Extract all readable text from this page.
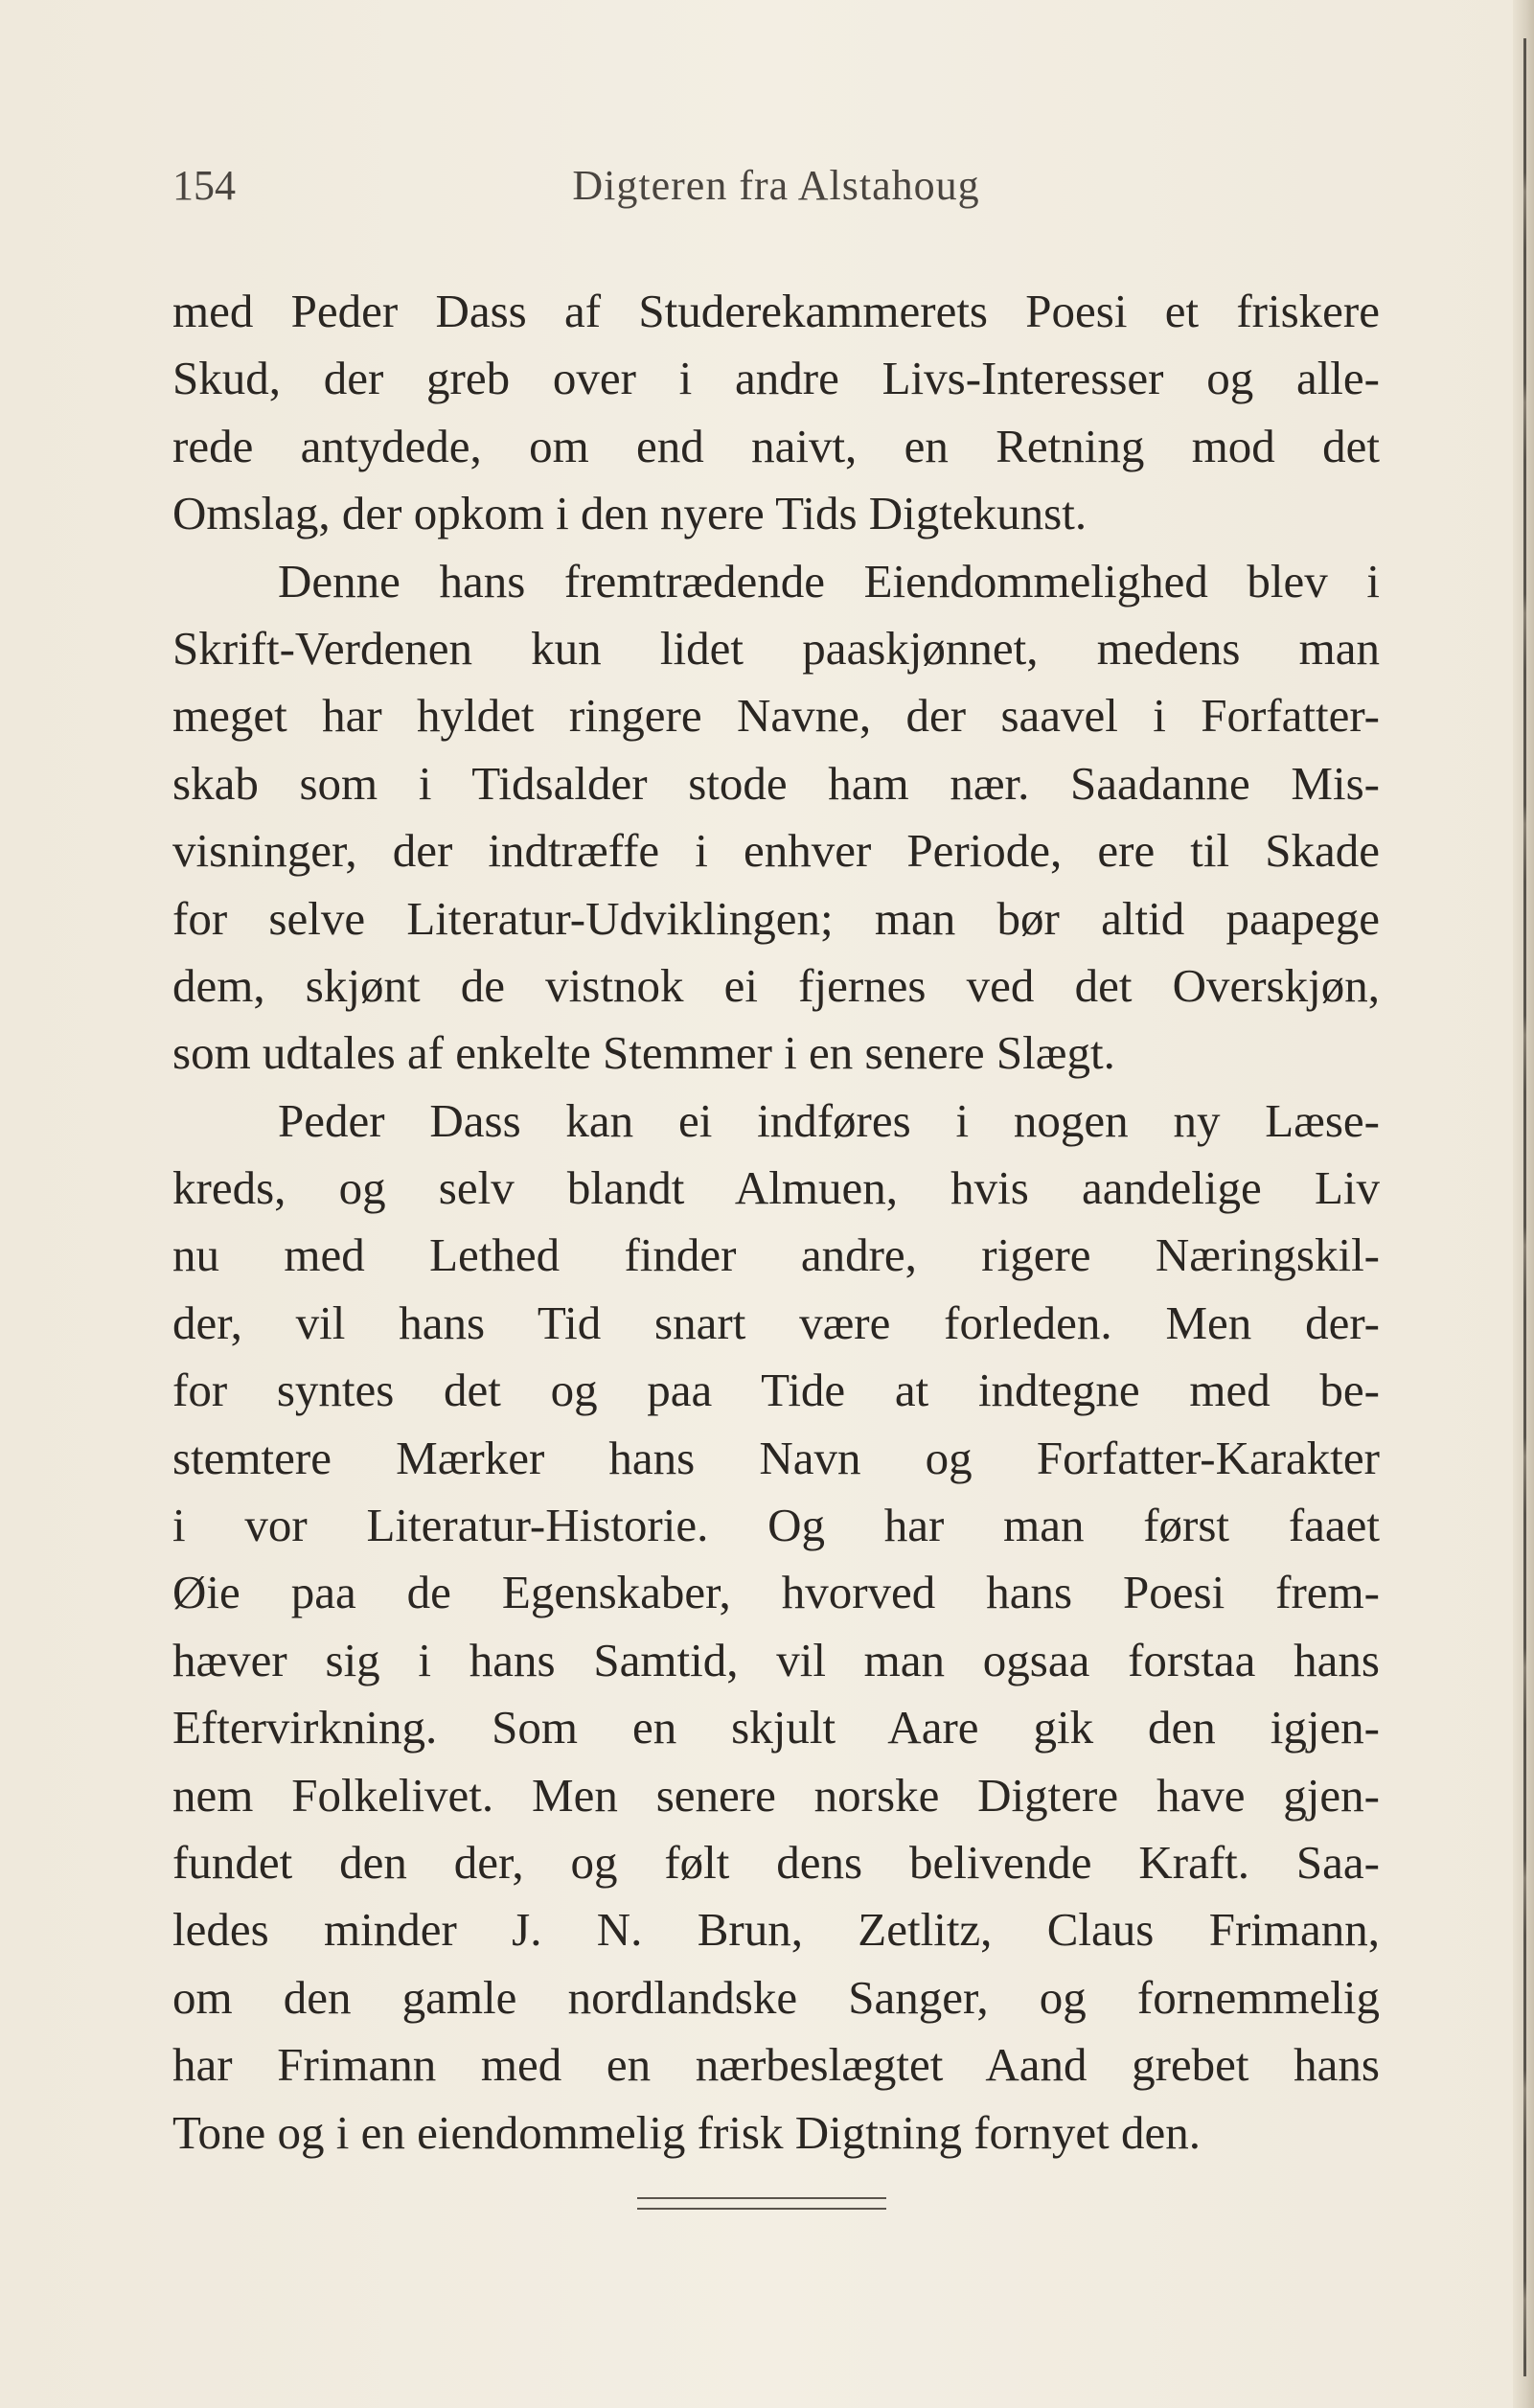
154	Digteren fra Alstahoug
med Peder Dass af Studerekammerets Poesi et friskere
Skud, der greb over i andre Livs-Interesser og alle-
rede antydede, om end naivt, en Retning mod det
Omslag, der opkom i den nyere Tids Digtekunst.
Denne hans fremtrædende Eiendommelighed blev i
Skrift-Verdenen kun lidet paaskjønnet, medens man
meget har hyldet ringere Navne, der saavel i Forfatter-
skab som i Tidsalder stode ham nær. Saadanne Mis-
visninger, der indtræffe i enhver Periode, ere til Skade
for selve Literatur-Udviklingen; man bør altid paapege
dem, skjønt de vistnok ei fjernes ved det Overskjøn,
som udtales af enkelte Stemmer i en senere Slægt.
Peder Dass kan ei indføres i nogen ny Læse-
kreds, og selv blandt Almuen, hvis aandelige Liv
nu med Lethed finder andre, rigere Næringskil-
der, vil hans Tid snart være forleden. Men der-
for syntes det og paa Tide at indtegne med be-
stemtere Mærker hans Navn og Forfatter-Karakter
i vor Literatur-Historie. Og har man først faaet
Øie paa de Egenskaber, hvorved hans Poesi frem-
hæver sig i hans Samtid, vil man ogsaa forstaa hans
Eftervirkning. Som en skjult Aare gik den igjen-
nem Folkelivet. Men senere norske Digtere have gjen-
fundet den der, og følt dens belivende Kraft. Saa-
ledes minder J. N. Brun, Zetlitz, Claus Frimann,
om den gamle nordlandske Sanger, og fornemmelig
har Frimann med en nærbeslægtet Aand grebet hans
Tone og i en eiendommelig frisk Digtning fornyet den.
